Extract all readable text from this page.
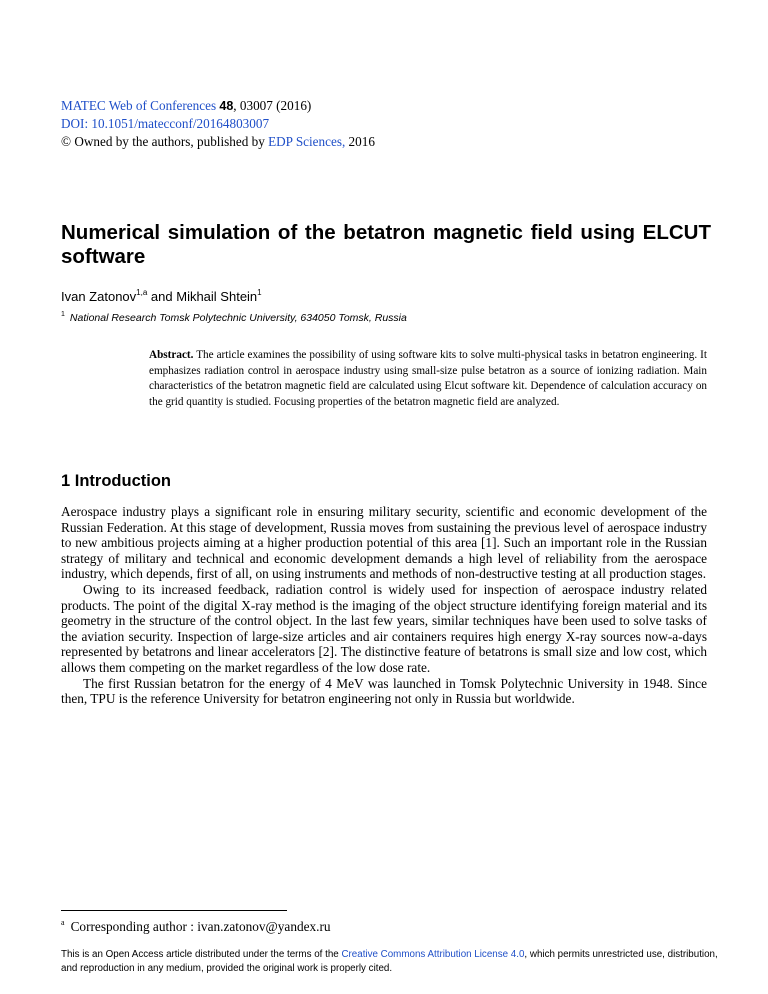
MATEC Web of Conferences 48, 03007 (2016)
DOI: 10.1051/matecconf/20164803007
© Owned by the authors, published by EDP Sciences, 2016
Numerical simulation of the betatron magnetic field using ELCUT software
Ivan Zatonov$^{1,a}$ and Mikhail Shtein$^1$
$^1$ National Research Tomsk Polytechnic University, 634050 Tomsk, Russia
Abstract. The article examines the possibility of using software kits to solve multi-physical tasks in betatron engineering. It emphasizes radiation control in aerospace industry using small-size pulse betatron as a source of ionizing radiation. Main characteristics of the betatron magnetic field are calculated using Elcut software kit. Dependence of calculation accuracy on the grid quantity is studied. Focusing properties of the betatron magnetic field are analyzed.
1 Introduction

Aerospace industry plays a significant role in ensuring military security, scientific and economic development of the Russian Federation. At this stage of development, Russia moves from sustaining the previous level of aerospace industry to new ambitious projects aiming at a higher production potential of this area [1]. Such an important role in the Russian strategy of military and technical and economic development demands a high level of reliability from the aerospace industry, which depends, first of all, on using instruments and methods of non-destructive testing at all production stages.

Owing to its increased feedback, radiation control is widely used for inspection of aerospace industry related products. The point of the digital X-ray method is the imaging of the object structure identifying foreign material and its geometry in the structure of the control object. In the last few years, similar techniques have been used to solve tasks of the aviation security. Inspection of large-size articles and air containers requires high energy X-ray sources now-a-days represented by betatrons and linear accelerators [2]. The distinctive feature of betatrons is small size and low cost, which allows them competing on the market regardless of the low dose rate.

The first Russian betatron for the energy of 4 MeV was launched in Tomsk Polytechnic University in 1948. Since then, TPU is the reference University for betatron engineering not only in Russia but worldwide.

$^a$ Corresponding author : ivan.zatonov@yandex.ru
This is an Open Access article distributed under the terms of the Creative Commons Attribution License 4.0, which permits unrestricted use, distribution, and reproduction in any medium, provided the original work is properly cited.
